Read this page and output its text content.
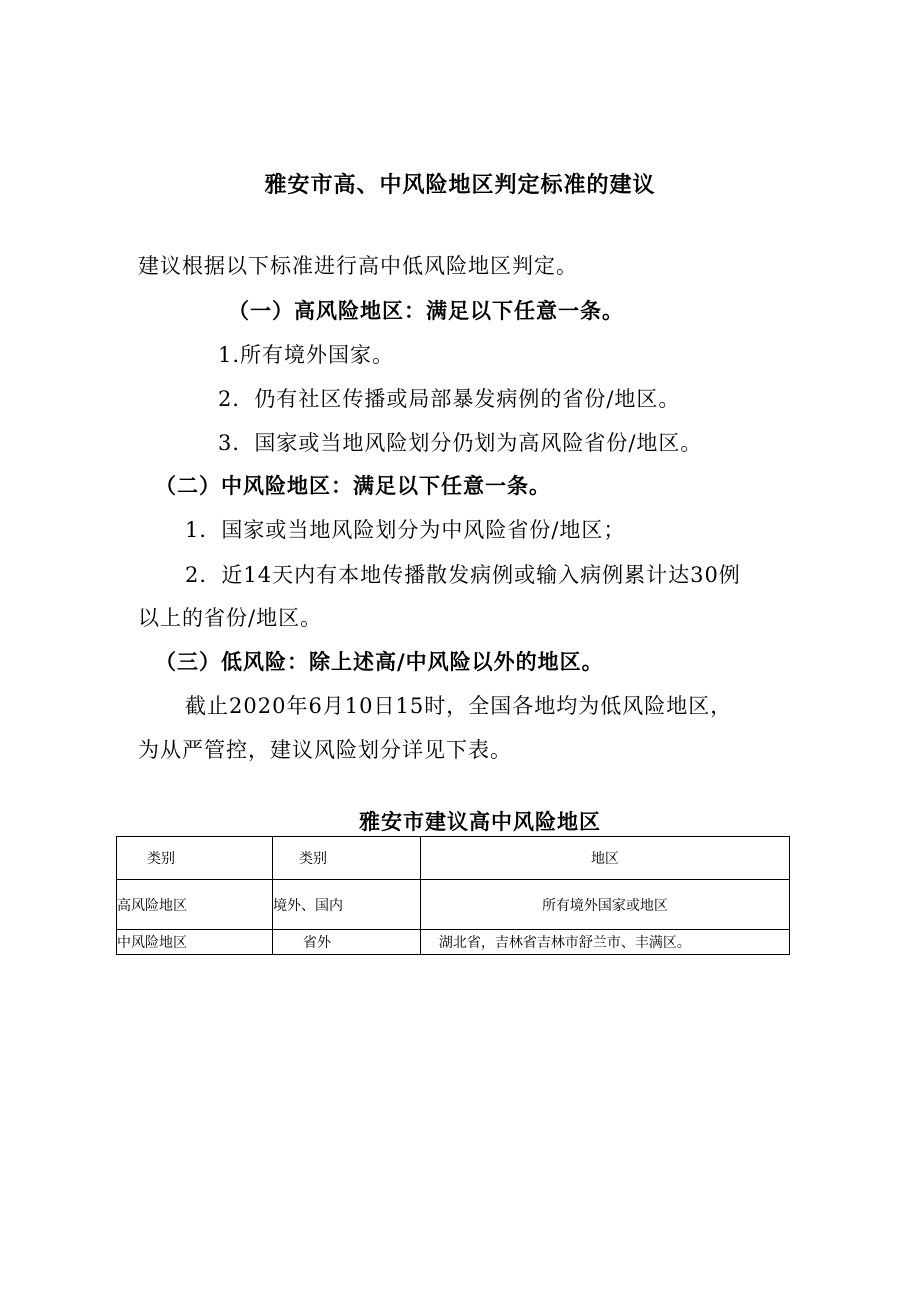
雅安市高、中风险地区判定标准的建议
建议根据以下标准进行高中低风险地区判定。
（一）高风险地区：满足以下任意一条。
1.所有境外国家。
2．仍有社区传播或局部暴发病例的省份/地区。
3．国家或当地风险划分仍划为高风险省份/地区。
（二）中风险地区：满足以下任意一条。
1．国家或当地风险划分为中风险省份/地区；
2．近14天内有本地传播散发病例或输入病例累计达30例
以上的省份/地区。
（三）低风险：除上述高/中风险以外的地区。
截止2020年6月10日15时，全国各地均为低风险地区，
为从严管控，建议风险划分详见下表。
雅安市建议高中风险地区
类别	类别	地区
高风险地区	境外、国内	所有境外国家或地区
中风险地区	省外	湖北省，吉林省吉林市舒兰市、丰满区。
